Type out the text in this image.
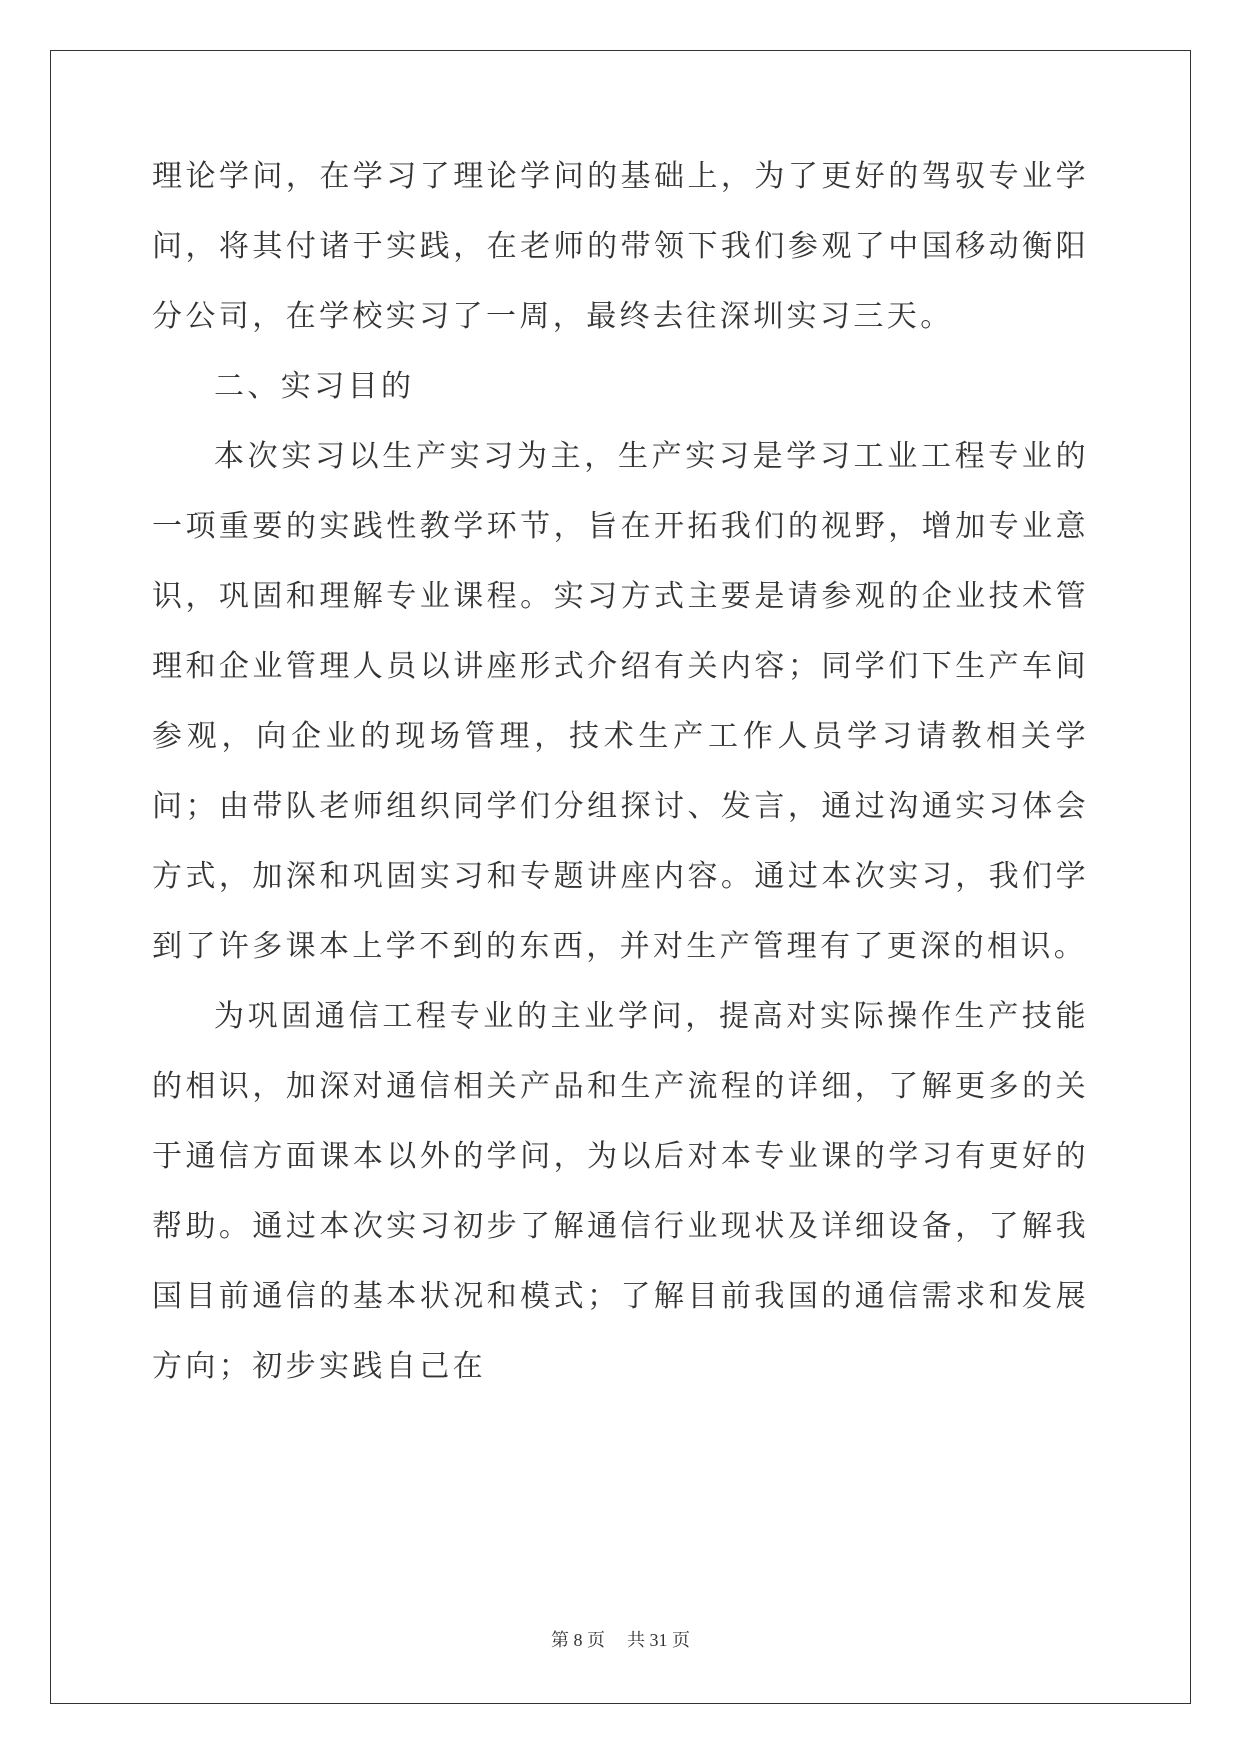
理论学问，在学习了理论学问的基础上，为了更好的驾驭专业学问，将其付诸于实践，在老师的带领下我们参观了中国移动衡阳分公司，在学校实习了一周，最终去往深圳实习三天。

二、实习目的

本次实习以生产实习为主，生产实习是学习工业工程专业的一项重要的实践性教学环节，旨在开拓我们的视野，增加专业意识，巩固和理解专业课程。实习方式主要是请参观的企业技术管理和企业管理人员以讲座形式介绍有关内容；同学们下生产车间参观，向企业的现场管理，技术生产工作人员学习请教相关学问；由带队老师组织同学们分组探讨、发言，通过沟通实习体会方式，加深和巩固实习和专题讲座内容。通过本次实习，我们学到了许多课本上学不到的东西，并对生产管理有了更深的相识。

为巩固通信工程专业的主业学问，提高对实际操作生产技能的相识，加深对通信相关产品和生产流程的详细，了解更多的关于通信方面课本以外的学问，为以后对本专业课的学习有更好的帮助。通过本次实习初步了解通信行业现状及详细设备，了解我国目前通信的基本状况和模式；了解目前我国的通信需求和发展方向；初步实践自己在

第 8 页 共 31 页
